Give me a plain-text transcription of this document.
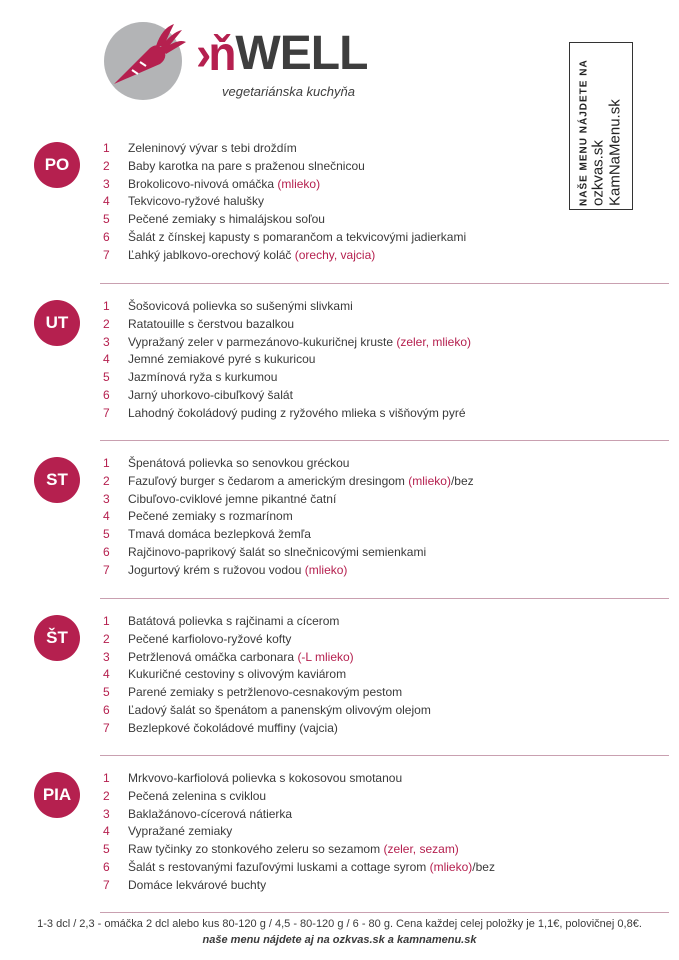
›ň WELL
vegetariánska kuchyňa	NAŠE MENU NÁJDETE NA ozkvas.sk KamNaMenu.sk
PO
1 Zeleninový vývar s tebi droždím
2 Baby karotka na pare s praženou slnečnicou
3 Brokolicovo-nivová omáčka (mlieko)
4 Tekvicovo-ryžové halušky
5 Pečené zemiaky s himalájskou soľou
6 Šalát z čínskej kapusty s pomarančom a tekvicovými jadierkami
7 Ľahký jablkovo-orechový koláč (orechy, vajcia)
UT
1 Šošovicová polievka so sušenými slivkami
2 Ratatouille s čerstvou bazalkou
3 Vypražaný zeler v parmezánovo-kukuričnej kruste (zeler, mlieko)
4 Jemné zemiakové pyré s kukuricou
5 Jazmínová ryža s kurkumou
6 Jarný uhorkovo-cibuľkový šalát
7 Lahodný čokoládový puding z ryžového mlieka s višňovým pyré
ST
1 Špenátová polievka so senovkou gréckou
2 Fazuľový burger s čedarom a americkým dresingom (mlieko)/bez
3 Cibuľovo-cviklové jemne pikantné čatní
4 Pečené zemiaky s rozmarínom
5 Tmavá domáca bezlepková žemľa
6 Rajčinovo-paprikový šalát so slnečnicovými semienkami
7 Jogurtový krém s ružovou vodou (mlieko)
ŠT
1 Batátová polievka s rajčinami a cícerom
2 Pečené karfiolovo-ryžové kofty
3 Petržlenová omáčka carbonara (-L mlieko)
4 Kukuričné cestoviny s olivovým kaviárom
5 Parené zemiaky s petržlenovo-cesnakovým pestom
6 Ľadový šalát so špenátom a panenským olivovým olejom
7 Bezlepkové čokoládové muffiny (vajcia)
PIA
1 Mrkvovo-karfiolová polievka s kokosovou smotanou
2 Pečená zelenina s cviklou
3 Baklažánovo-cícerová nátierka
4 Vypražané zemiaky
5 Raw tyčinky zo stonkového zeleru so sezamom (zeler, sezam)
6 Šalát s restovanými fazuľovými luskami a cottage syrom (mlieko)/bez
7 Domáce lekvárové buchty
1-3 dcl / 2,3 - omáčka 2 dcl alebo kus 80-120 g / 4,5 - 80-120 g / 6 - 80 g. Cena každej celej položky je 1,1€, polovičnej 0,8€.
naše menu nájdete aj na ozkvas.sk a kamnamenu.sk
